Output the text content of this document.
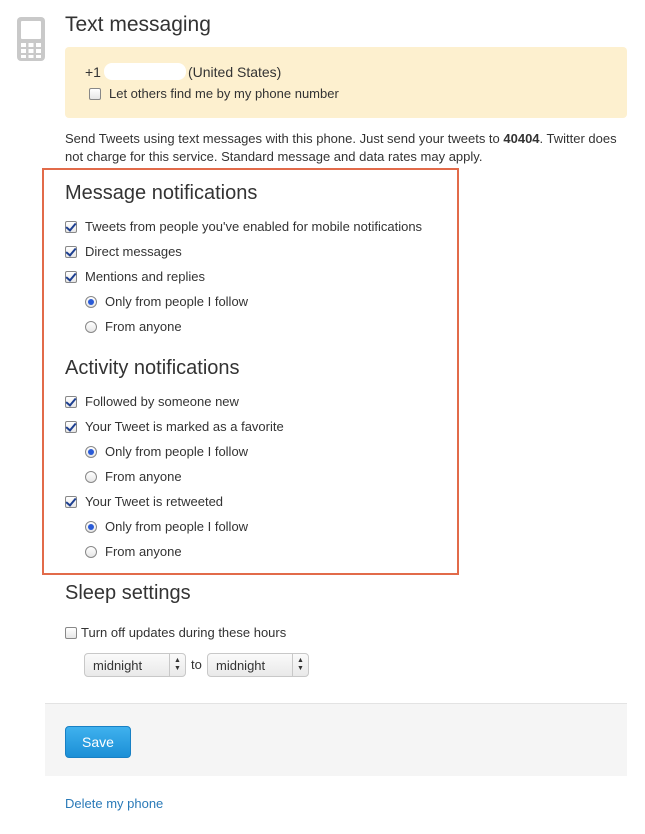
Text messaging
+1	(United States)
Let others find me by my phone number
Send Tweets using text messages with this phone. Just send your tweets to 40404. Twitter does not charge for this service. Standard message and data rates may apply.
Message notifications
Tweets from people you've enabled for mobile notifications
Direct messages
Mentions and replies
Only from people I follow
From anyone
Activity notifications
Followed by someone new
Your Tweet is marked as a favorite
Only from people I follow
From anyone
Your Tweet is retweeted
Only from people I follow
From anyone
Sleep settings
Turn off updates during these hours
midnight	▲
▼ to	midnight	▲
▼
Save
Delete my phone
